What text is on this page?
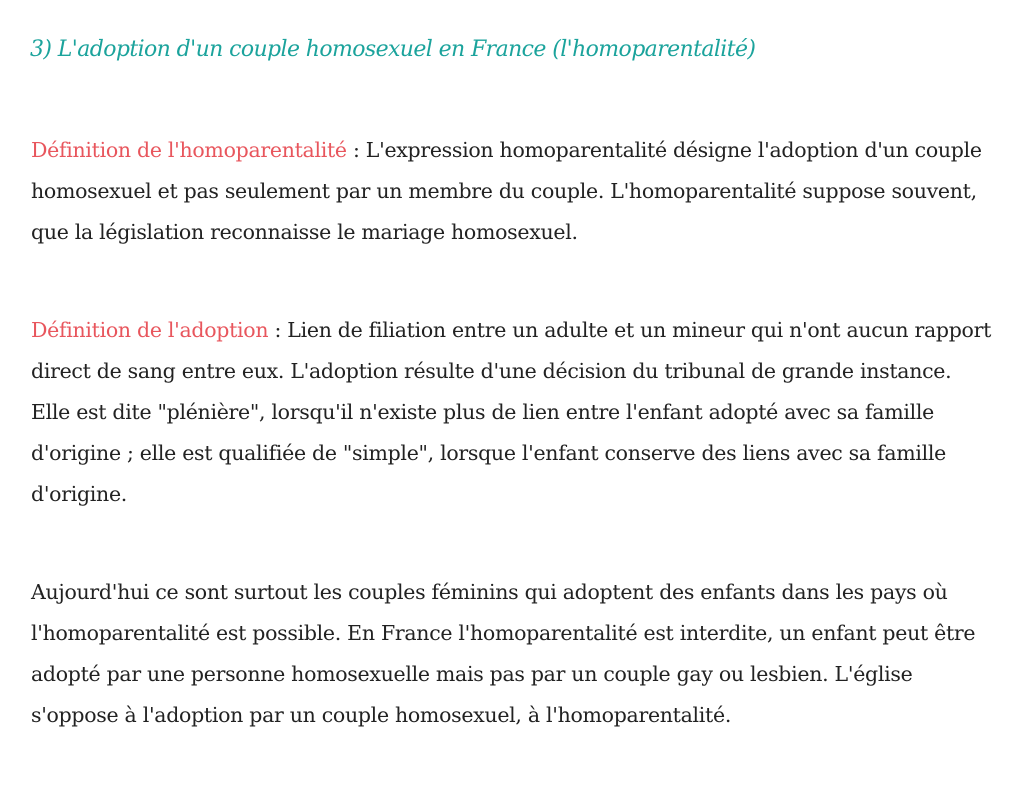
3) L'adoption d'un couple homosexuel en France (l'homoparentalité)

Définition de l'homoparentalité : L'expression homoparentalité désigne l'adoption d'un couple homosexuel et pas seulement par un membre du couple. L'homoparentalité suppose souvent, que la législation reconnaisse le mariage homosexuel.

Définition de l'adoption : Lien de filiation entre un adulte et un mineur qui n'ont aucun rapport direct de sang entre eux. L'adoption résulte d'une décision du tribunal de grande instance. Elle est dite "plénière", lorsqu'il n'existe plus de lien entre l'enfant adopté avec sa famille d'origine ; elle est qualifiée de "simple", lorsque l'enfant conserve des liens avec sa famille d'origine.

Aujourd'hui ce sont surtout les couples féminins qui adoptent des enfants dans les pays où l'homoparentalité est possible. En France l'homoparentalité est interdite, un enfant peut être adopté par une personne homosexuelle mais pas par un couple gay ou lesbien. L'église s'oppose à l'adoption par un couple homosexuel, à l'homoparentalité.
